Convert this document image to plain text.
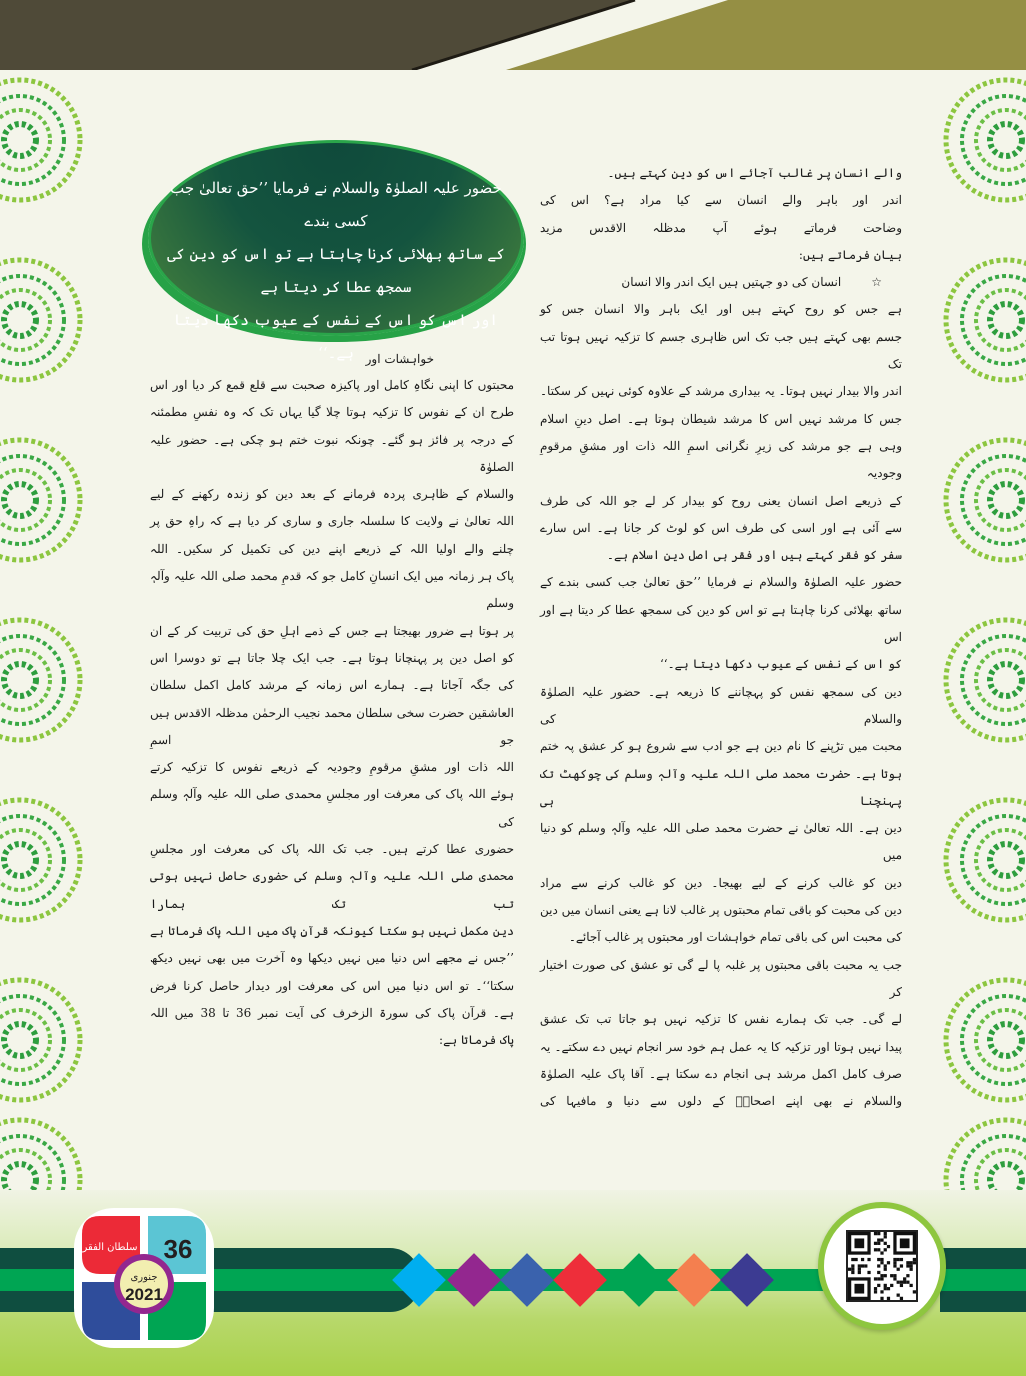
حضور علیہ الصلوٰۃ والسلام نے فرمایا ’’حق تعالیٰ جب کسی بندے
کے ساتھ بھلائی کرنا چاہتا ہے تو اس کو دین کی سمجھ عطا کر دیتا ہے
اور اس کو اس کے نفس کے عیوب دکھا دیتا ہے۔‘‘
والے انسان پر غالب آجائے اس کو دین کہتے ہیں۔
اندر اور باہر والے انسان سے کیا مراد ہے؟ اس کی
وضاحت فرماتے ہوئے آپ مدظلہ الاقدس مزید
بیان فرماتے ہیں:
☆انسان کی دو جہتیں ہیں ایک اندر والا انسان
ہے جس کو روح کہتے ہیں اور ایک باہر والا انسان جس کو
جسم بھی کہتے ہیں جب تک اس ظاہری جسم کا تزکیہ نہیں ہوتا تب تک
اندر والا بیدار نہیں ہوتا۔ یہ بیداری مرشد کے علاوہ کوئی نہیں کر سکتا۔
جس کا مرشد نہیں اس کا مرشد شیطان ہوتا ہے۔ اصل دینِ اسلام
وہی ہے جو مرشد کی زیرِ نگرانی اسمِ اللہ ذات اور مشقِ مرقومِ وجودیہ
کے ذریعے اصل انسان یعنی روح کو بیدار کر لے جو اللہ کی طرف
سے آئی ہے اور اسی کی طرف اس کو لوٹ کر جانا ہے۔ اس سارے
سفر کو فقر کہتے ہیں اور فقر ہی اصل دینِ اسلام ہے۔
حضور علیہ الصلوٰۃ والسلام نے فرمایا ’’حق تعالیٰ جب کسی بندے کے
ساتھ بھلائی کرنا چاہتا ہے تو اس کو دین کی سمجھ عطا کر دیتا ہے اور اس
کو اس کے نفس کے عیوب دکھا دیتا ہے۔‘‘
دین کی سمجھ نفس کو پہچاننے کا ذریعہ ہے۔ حضور علیہ الصلوٰۃ والسلام کی
محبت میں تڑپنے کا نام دین ہے جو ادب سے شروع ہو کر عشق پہ ختم
ہوتا ہے۔ حضرت محمد صلی اللہ علیہ وآلہٖ وسلم کی چوکھٹ تک پہنچنا ہی
دین ہے۔ اللہ تعالیٰ نے حضرت محمد صلی اللہ علیہ وآلہٖ وسلم کو دنیا میں
دین کو غالب کرنے کے لیے بھیجا۔ دین کو غالب کرنے سے مراد
دین کی محبت کو باقی تمام محبتوں پر غالب لانا ہے یعنی انسان میں دین
کی محبت اس کی باقی تمام خواہشات اور محبتوں پر غالب آجائے۔
جب یہ محبت باقی محبتوں پر غلبہ پا لے گی تو عشق کی صورت اختیار کر
لے گی۔ جب تک ہمارے نفس کا تزکیہ نہیں ہو جاتا تب تک عشق
پیدا نہیں ہوتا اور تزکیہ کا یہ عمل ہم خود سر انجام نہیں دے سکتے۔ یہ
صرف کامل اکمل مرشد ہی انجام دے سکتا ہے۔ آقا پاک علیہ الصلوٰۃ
والسلام نے بھی اپنے اصحابؓ کے دلوں سے دنیا و مافیہا کی
خواہشات اور
محبتوں کا اپنی نگاہِ کامل اور پاکیزہ صحبت سے قلع قمع کر دیا اور اس
طرح ان کے نفوس کا تزکیہ ہوتا چلا گیا یہاں تک کہ وہ نفسِ مطمئنہ
کے درجہ پر فائز ہو گئے۔ چونکہ نبوت ختم ہو چکی ہے۔ حضور علیہ الصلوٰۃ
والسلام کے ظاہری پردہ فرمانے کے بعد دین کو زندہ رکھنے کے لیے
اللہ تعالیٰ نے ولایت کا سلسلہ جاری و ساری کر دیا ہے کہ راہِ حق پر
چلنے والے اولیا اللہ کے ذریعے اپنے دین کی تکمیل کر سکیں۔ اللہ
پاک ہر زمانہ میں ایک انسانِ کامل جو کہ قدمِ محمد صلی اللہ علیہ وآلہٖ وسلم
پر ہوتا ہے ضرور بھیجتا ہے جس کے ذمے اہلِ حق کی تربیت کر کے ان
کو اصل دین پر پہنچانا ہوتا ہے۔ جب ایک چلا جاتا ہے تو دوسرا اس
کی جگہ آجاتا ہے۔ ہمارے اس زمانہ کے مرشد کامل اکمل سلطان
العاشقین حضرت سخی سلطان محمد نجیب الرحمٰن مدظلہ الاقدس ہیں جو اسمِ
اللہ ذات اور مشقِ مرقومِ وجودیہ کے ذریعے نفوس کا تزکیہ کرتے
ہوئے اللہ پاک کی معرفت اور مجلسِ محمدی صلی اللہ علیہ وآلہٖ وسلم کی
حضوری عطا کرتے ہیں۔ جب تک اللہ پاک کی معرفت اور مجلسِ
محمدی صلی اللہ علیہ وآلہٖ وسلم کی حضوری حاصل نہیں ہوتی تب تک ہمارا
دین مکمل نہیں ہو سکتا کیونکہ قرآنِ پاک میں اللہ پاک فرماتا ہے
’’جس نے مجھے اس دنیا میں نہیں دیکھا وہ آخرت میں بھی نہیں دیکھ
سکتا‘‘۔ تو اس دنیا میں اس کی معرفت اور دیدار حاصل کرنا فرض
ہے۔ قرآن پاک کی سورۃ الزخرف کی آیت نمبر 36 تا 38 میں اللہ
پاک فرماتا ہے:
36
جنوری
2021
سلطان الفقر
